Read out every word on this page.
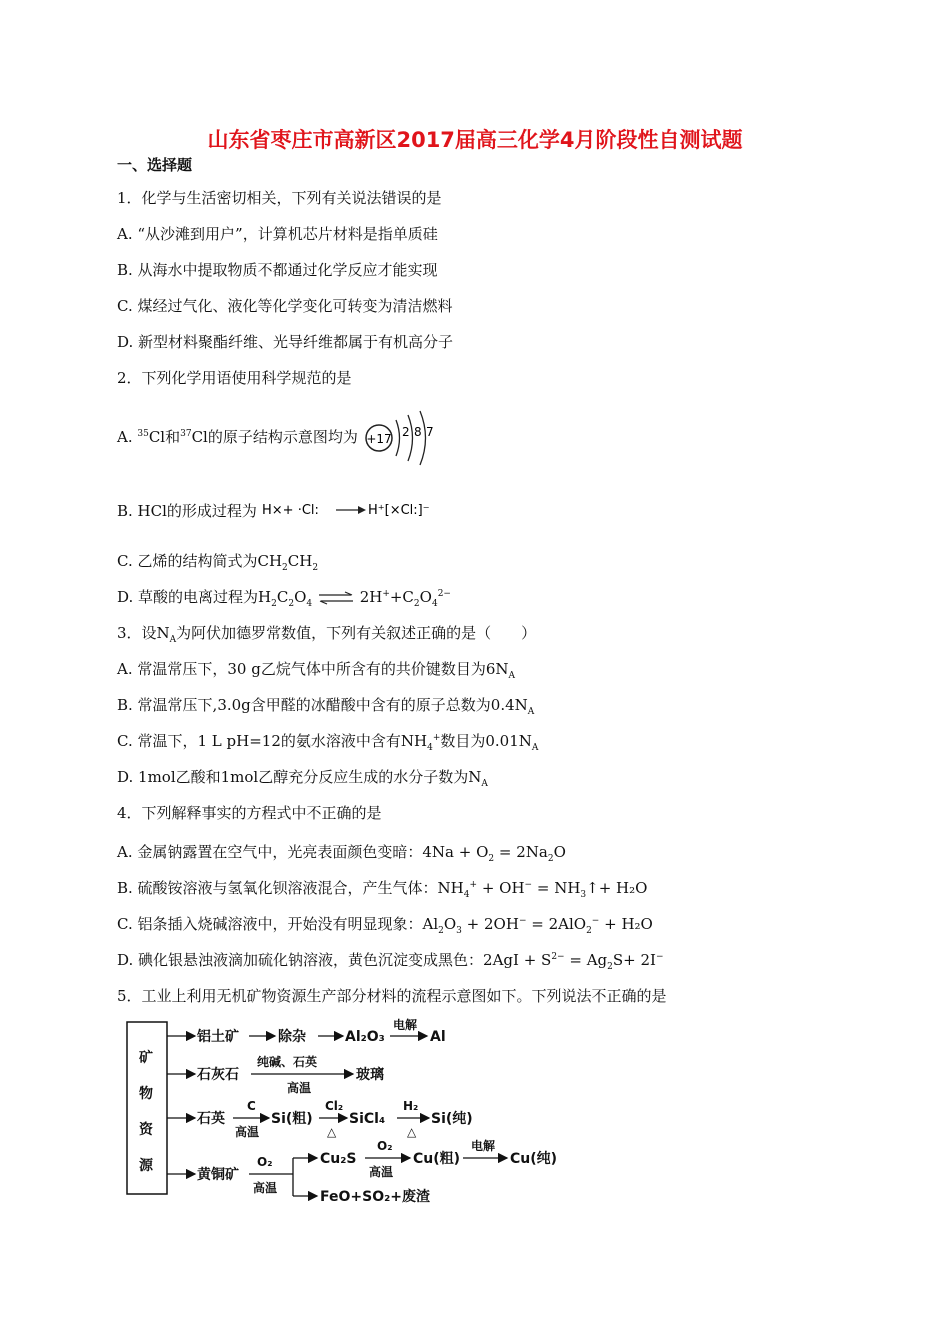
山东省枣庄市高新区2017届高三化学4月阶段性自测试题
一、选择题
1．化学与生活密切相关，下列有关说法错误的是
A. “从沙滩到用户”，计算机芯片材料是指单质硅
B. 从海水中提取物质不都通过化学反应才能实现
C. 煤经过气化、液化等化学变化可转变为清洁燃料
D. 新型材料聚酯纤维、光导纤维都属于有机高分子
2．下列化学用语使用科学规范的是
A. $^{35}$Cl和$^{37}$Cl的原子结构示意图均为 +17 2 8 7
B. HCl的形成过程为 H×+ ·Cl:	H⁺[×Cl:]⁻
C. 乙烯的结构简式为$CH_2CH_2$
D. 草酸的电离过程为$H_2C_2O_4$ ⇌ $2H^++C_2O_4^{2-}$
3．设$N_A$为阿伏加德罗常数值，下列有关叙述正确的是（　　）
A. 常温常压下，30 g乙烷气体中所含有的共价键数目为$6N_A$
B. 常温常压下,3.0g含甲醛的冰醋酸中含有的原子总数为$0.4N_A$
C. 常温下，1 L pH=12的氨水溶液中含有$NH_4^+$数目为$0.01N_A$
D. 1mol乙酸和1mol乙醇充分反应生成的水分子数为$N_A$
4．下列解释事实的方程式中不正确的是
A. 金属钠露置在空气中，光亮表面颜色变暗：$4Na + O_2 = 2Na_2O$
B. 硫酸铵溶液与氢氧化钡溶液混合，产生气体：$NH_4^+ + OH^-$ = $NH_3↑+ H_2O$
C. 铝条插入烧碱溶液中，开始没有明显现象：$Al_2O_3 + 2OH^- = 2AlO_2^- + H_2O$
D. 碘化银悬浊液滴加硫化钠溶液，黄色沉淀变成黑色：$2AgI + S^{2-} = Ag_2S+ 2I^-$
5．工业上利用无机矿物资源生产部分材料的流程示意图如下。下列说法不正确的是
矿
物
资
源
铝土矿	除杂	Al₂O₃
电解
Al
石灰石
纯碱、石英
高温
玻璃
石英
C
高温
Si(粗)
Cl₂
△
SiCl₄
H₂
△
Si(纯)
黄铜矿
O₂
高温
Cu₂S
O₂
高温
Cu(粗)
电解
Cu(纯)
FeO+SO₂+废渣
